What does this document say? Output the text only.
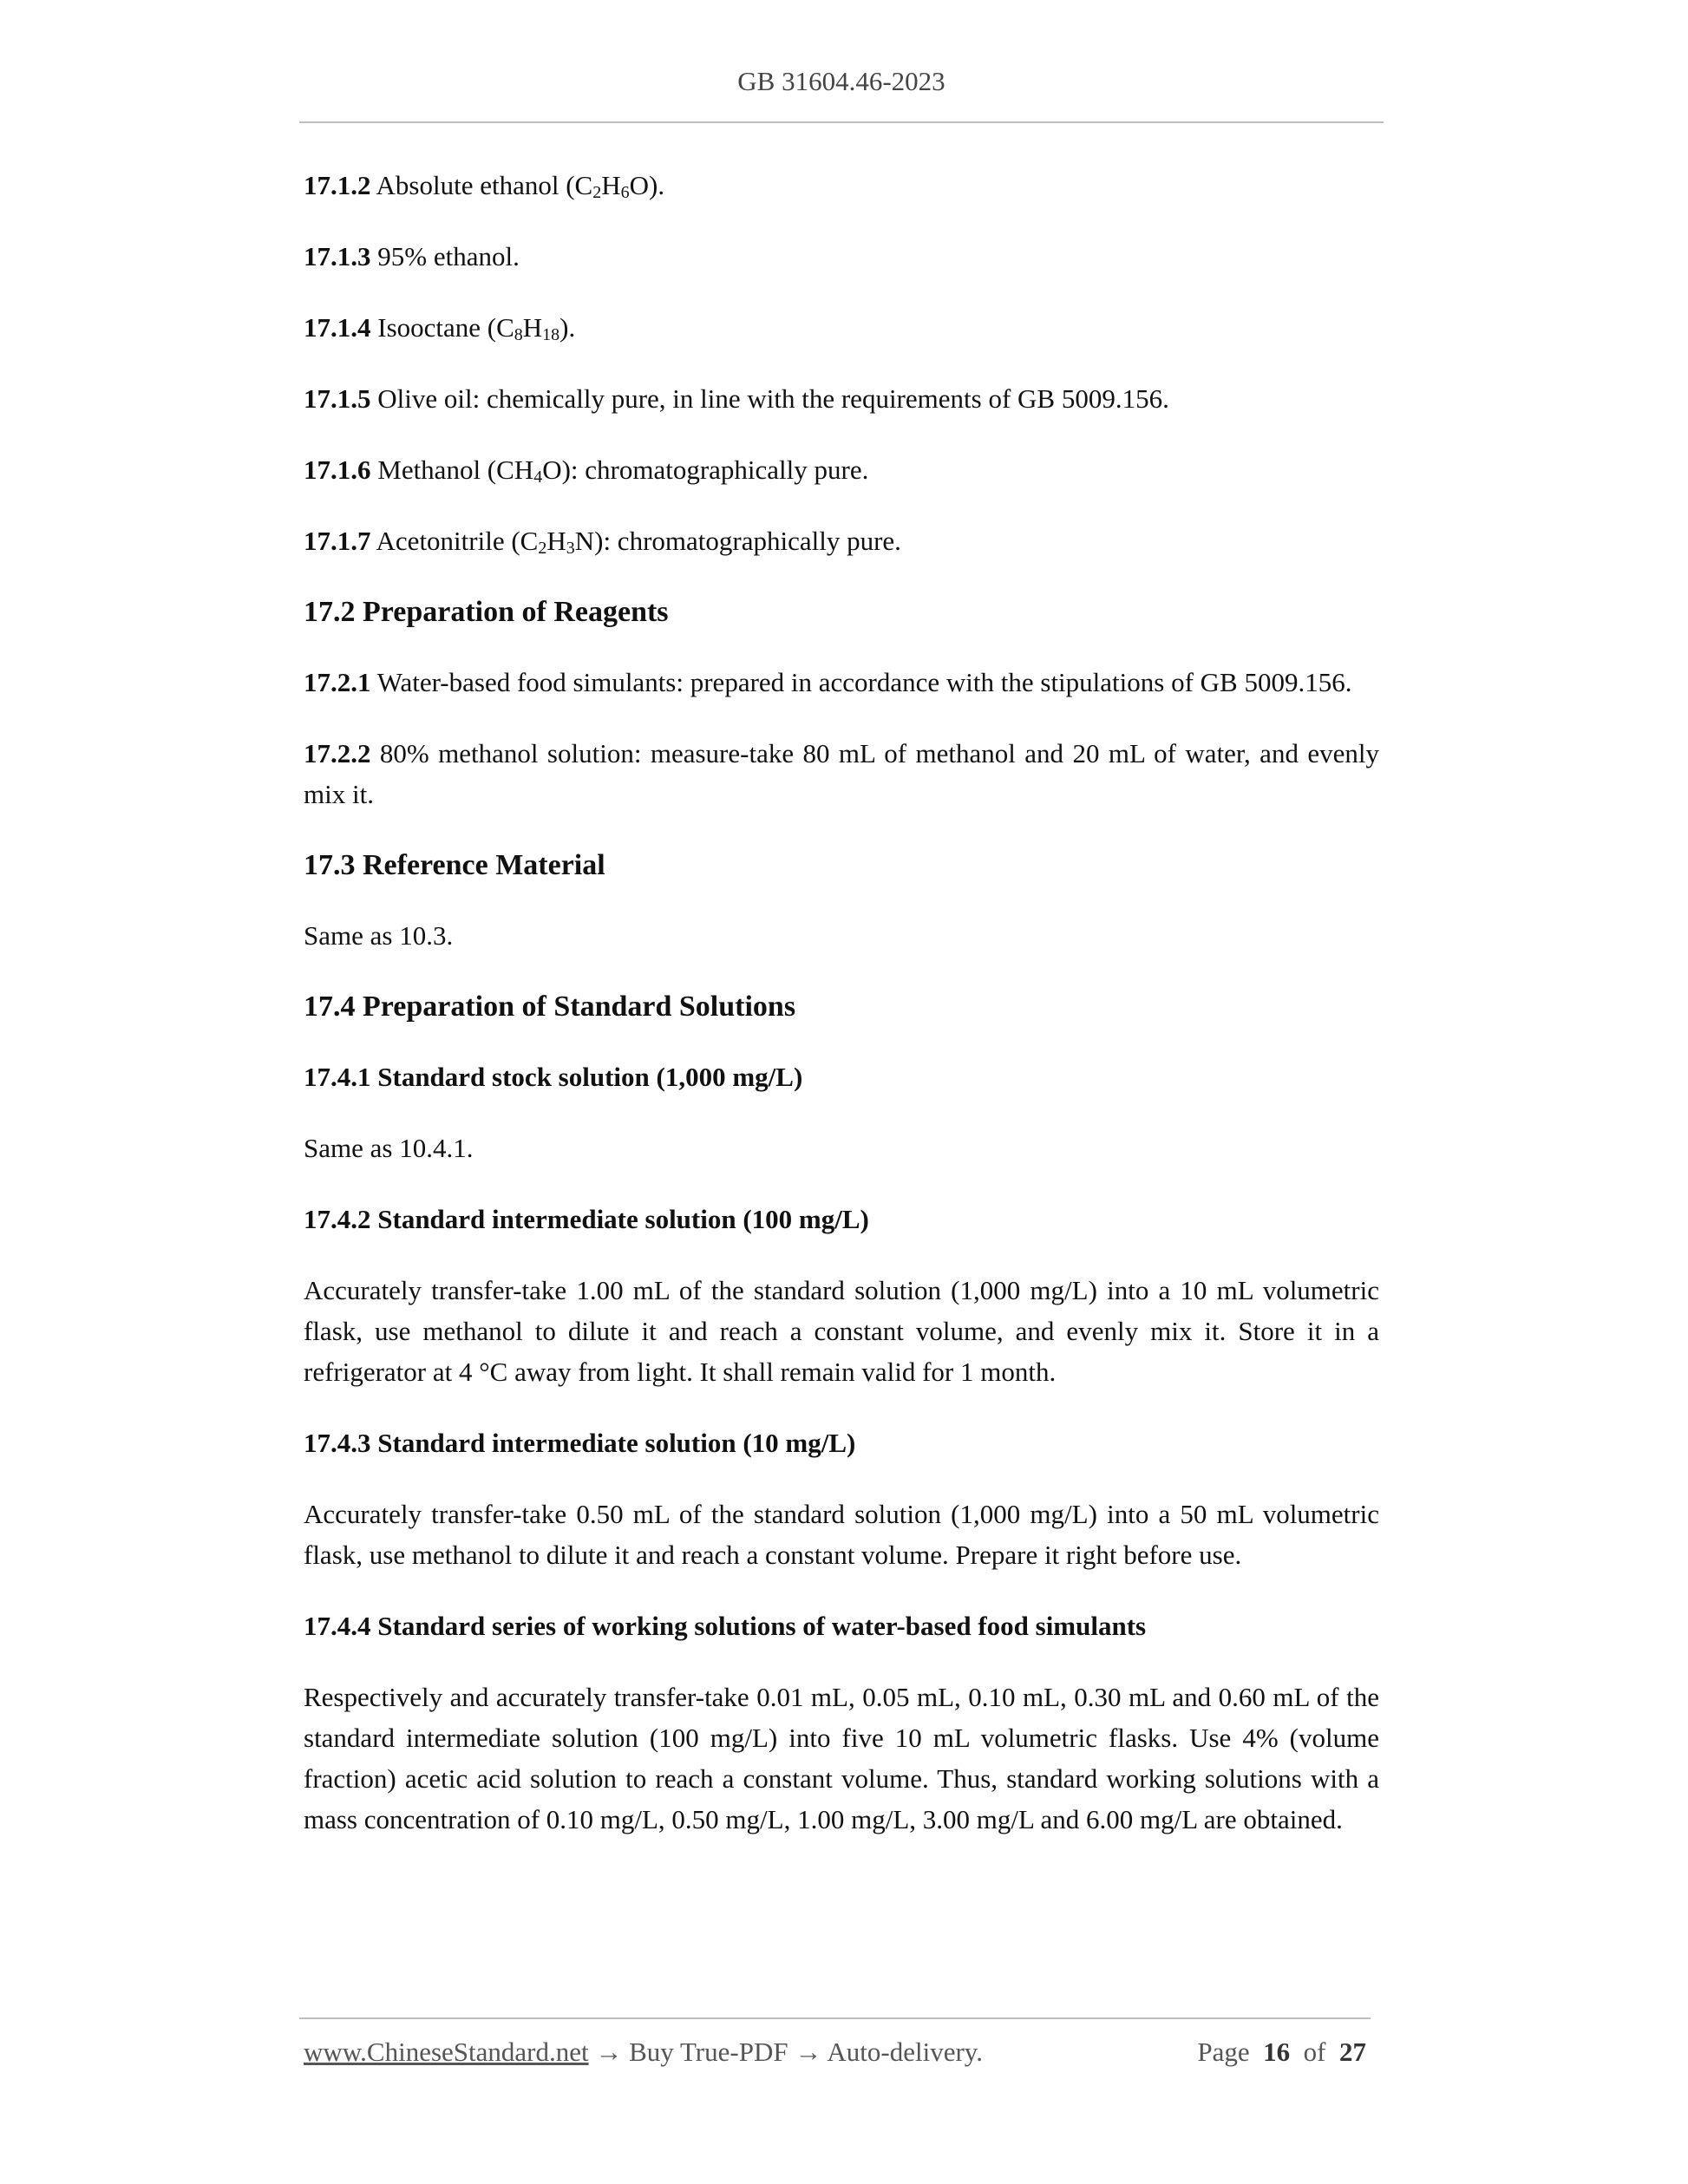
GB 31604.46-2023

17.1.2 Absolute ethanol $(C_2H_6O)$.

17.1.3 95% ethanol.

17.1.4 Isooctane $(C_8H_{18})$.

17.1.5 Olive oil: chemically pure, in line with the requirements of GB 5009.156.

17.1.6 Methanol $(CH_4O)$: chromatographically pure.

17.1.7 Acetonitrile $(C_2H_3N)$: chromatographically pure.

17.2 Preparation of Reagents

17.2.1 Water-based food simulants: prepared in accordance with the stipulations of GB 5009.156.

17.2.2 80% methanol solution: measure-take 80 mL of methanol and 20 mL of water, and evenly mix it.

17.3 Reference Material

Same as 10.3.

17.4 Preparation of Standard Solutions
17.4.1 Standard stock solution (1,000 mg/L)

Same as 10.4.1.

17.4.2 Standard intermediate solution (100 mg/L)

Accurately transfer-take 1.00 mL of the standard solution (1,000 mg/L) into a 10 mL volumetric flask, use methanol to dilute it and reach a constant volume, and evenly mix it. Store it in a refrigerator at 4 °C away from light. It shall remain valid for 1 month.

17.4.3 Standard intermediate solution (10 mg/L)

Accurately transfer-take 0.50 mL of the standard solution (1,000 mg/L) into a 50 mL volumetric flask, use methanol to dilute it and reach a constant volume. Prepare it right before use.

17.4.4 Standard series of working solutions of water-based food simulants

Respectively and accurately transfer-take 0.01 mL, 0.05 mL, 0.10 mL, 0.30 mL and 0.60 mL of the standard intermediate solution (100 mg/L) into five 10 mL volumetric flasks. Use 4% (volume fraction) acetic acid solution to reach a constant volume. Thus, standard working solutions with a mass concentration of 0.10 mg/L, 0.50 mg/L, 1.00 mg/L, 3.00 mg/L and 6.00 mg/L are obtained.

www.ChineseStandard.net → Buy True-PDF → Auto-delivery.	Page 16 of 27
